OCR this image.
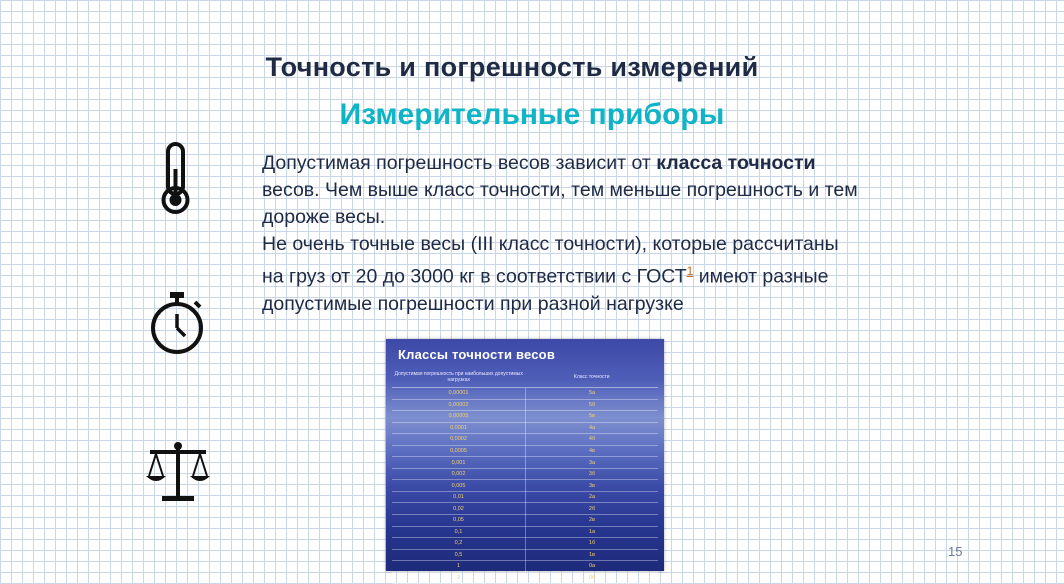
Точность и погрешность измерений
Измерительные приборы

Допустимая погрешность весов зависит от класса точности весов. Чем выше класс точности, тем меньше погрешность и тем дороже весы.

Не очень точные весы (III класс точности), которые рассчитаны на груз от 20 до 3000 кг в соответствии с ГОСТ$^1$ имеют разные допустимые погрешности при разной нагрузке

Классы точности весов
Допустимая погрешность при наибольших допустимых нагрузках	Класс точности
0,00001	5a
0,00002	5б
0,00005	5в
0,0001	4a
0,0002	4б
0,0005	4в
0,001	3a
0,002	3б
0,005	3в
0,01	2a
0,02	2б
0,05	2в
0,1	1a
0,2	1б
0,5	1в
1	0a
2	0б
15
